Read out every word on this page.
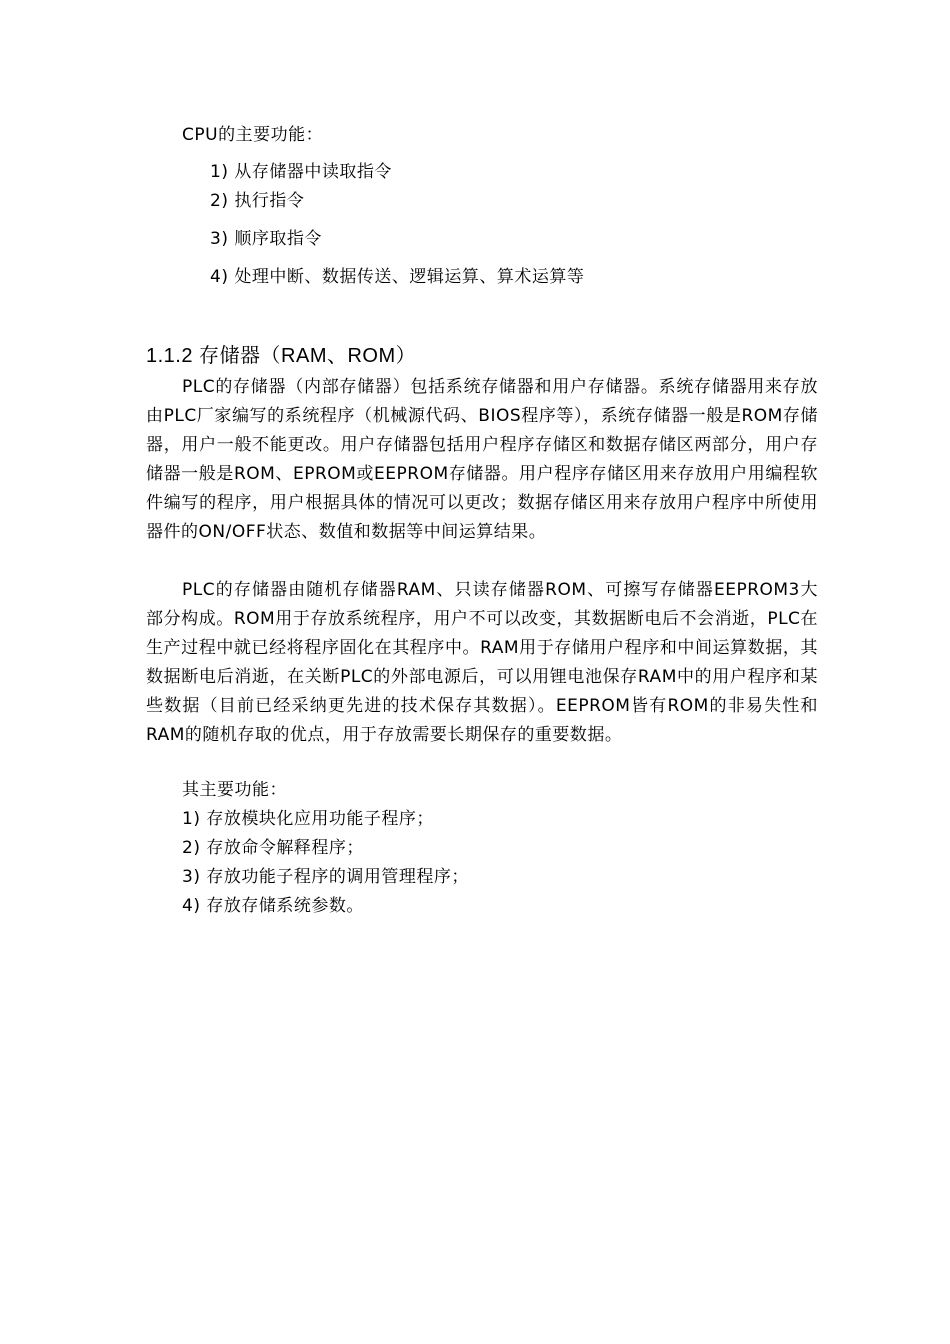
CPU的主要功能：
1) 从存储器中读取指令
2) 执行指令
3) 顺序取指令
4) 处理中断、数据传送、逻辑运算、算术运算等
1.1.2 存储器（RAM、ROM）

PLC的存储器（内部存储器）包括系统存储器和用户存储器。系统存储器用来存放由PLC厂家编写的系统程序（机械源代码、BIOS程序等），系统存储器一般是ROM存储器，用户一般不能更改。用户存储器包括用户程序存储区和数据存储区两部分，用户存储器一般是ROM、EPROM或EEPROM存储器。用户程序存储区用来存放用户用编程软件编写的程序，用户根据具体的情况可以更改；数据存储区用来存放用户程序中所使用器件的ON/OFF状态、数值和数据等中间运算结果。

PLC的存储器由随机存储器RAM、只读存储器ROM、可擦写存储器EEPROM3大部分构成。ROM用于存放系统程序，用户不可以改变，其数据断电后不会消逝，PLC在生产过程中就已经将程序固化在其程序中。RAM用于存储用户程序和中间运算数据，其数据断电后消逝，在关断PLC的外部电源后，可以用锂电池保存RAM中的用户程序和某些数据（目前已经采纳更先进的技术保存其数据）。EEPROM皆有ROM的非易失性和RAM的随机存取的优点，用于存放需要长期保存的重要数据。

其主要功能：
1) 存放模块化应用功能子程序；
2) 存放命令解释程序；
3) 存放功能子程序的调用管理程序；
4) 存放存储系统参数。
